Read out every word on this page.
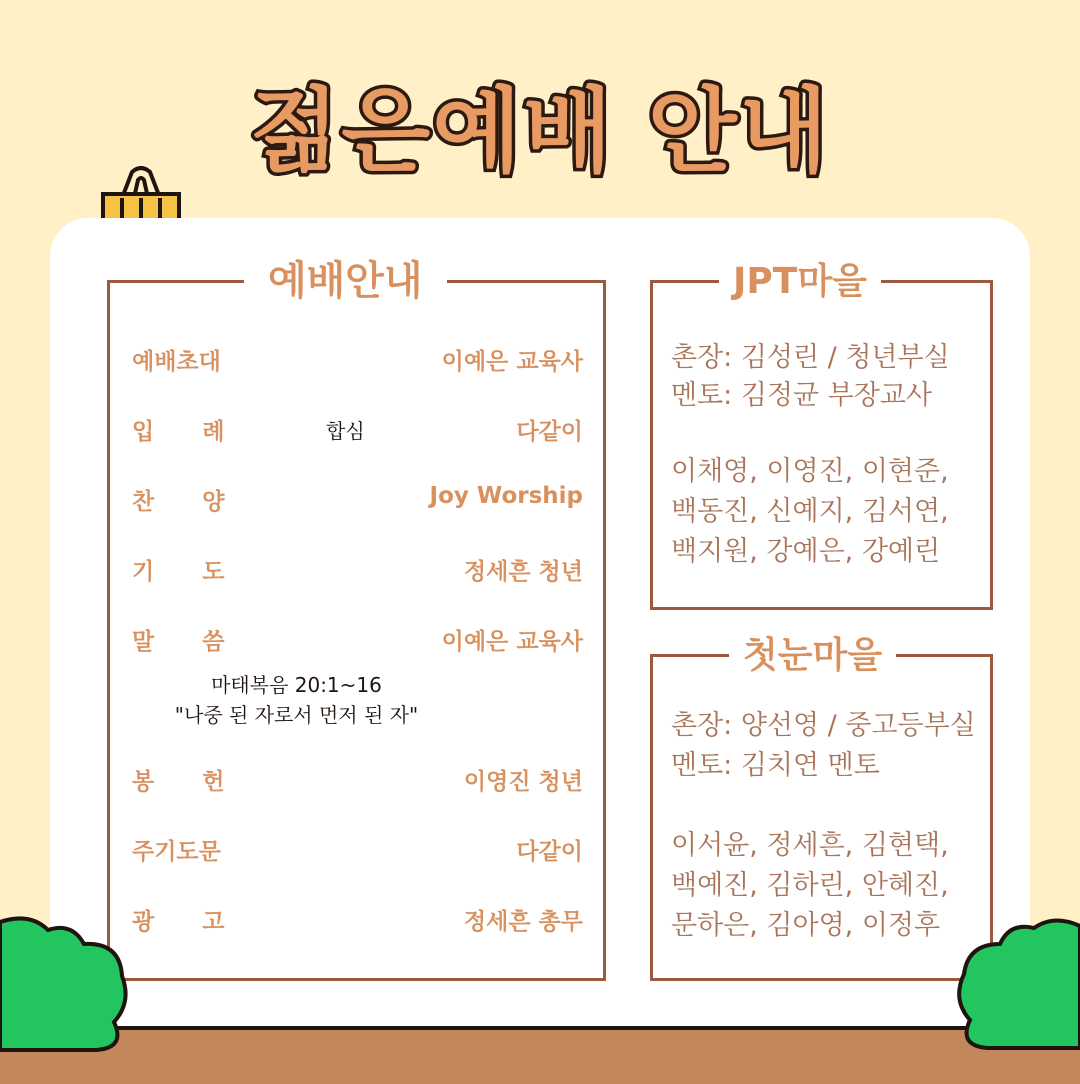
젊은예배 안내
예배안내
예배초대	이예은 교육사
입      례	합심	다같이
찬      양	Joy Worship
기      도	정세흔 청년
말      씀	이예은 교육사
마태복음 20:1~16
"나중 된 자로서 먼저 된 자"
봉      헌	이영진 청년
주기도문	다같이
광      고	정세흔 총무
JPT마을
촌장: 김성린 / 청년부실
멘토: 김정균 부장교사
이채영, 이영진, 이현준,
백동진, 신예지, 김서연,
백지원, 강예은, 강예린
첫눈마을
촌장: 양선영 / 중고등부실
멘토: 김치연 멘토
이서윤, 정세흔, 김현택,
백예진, 김하린, 안혜진,
문하은, 김아영, 이정후
